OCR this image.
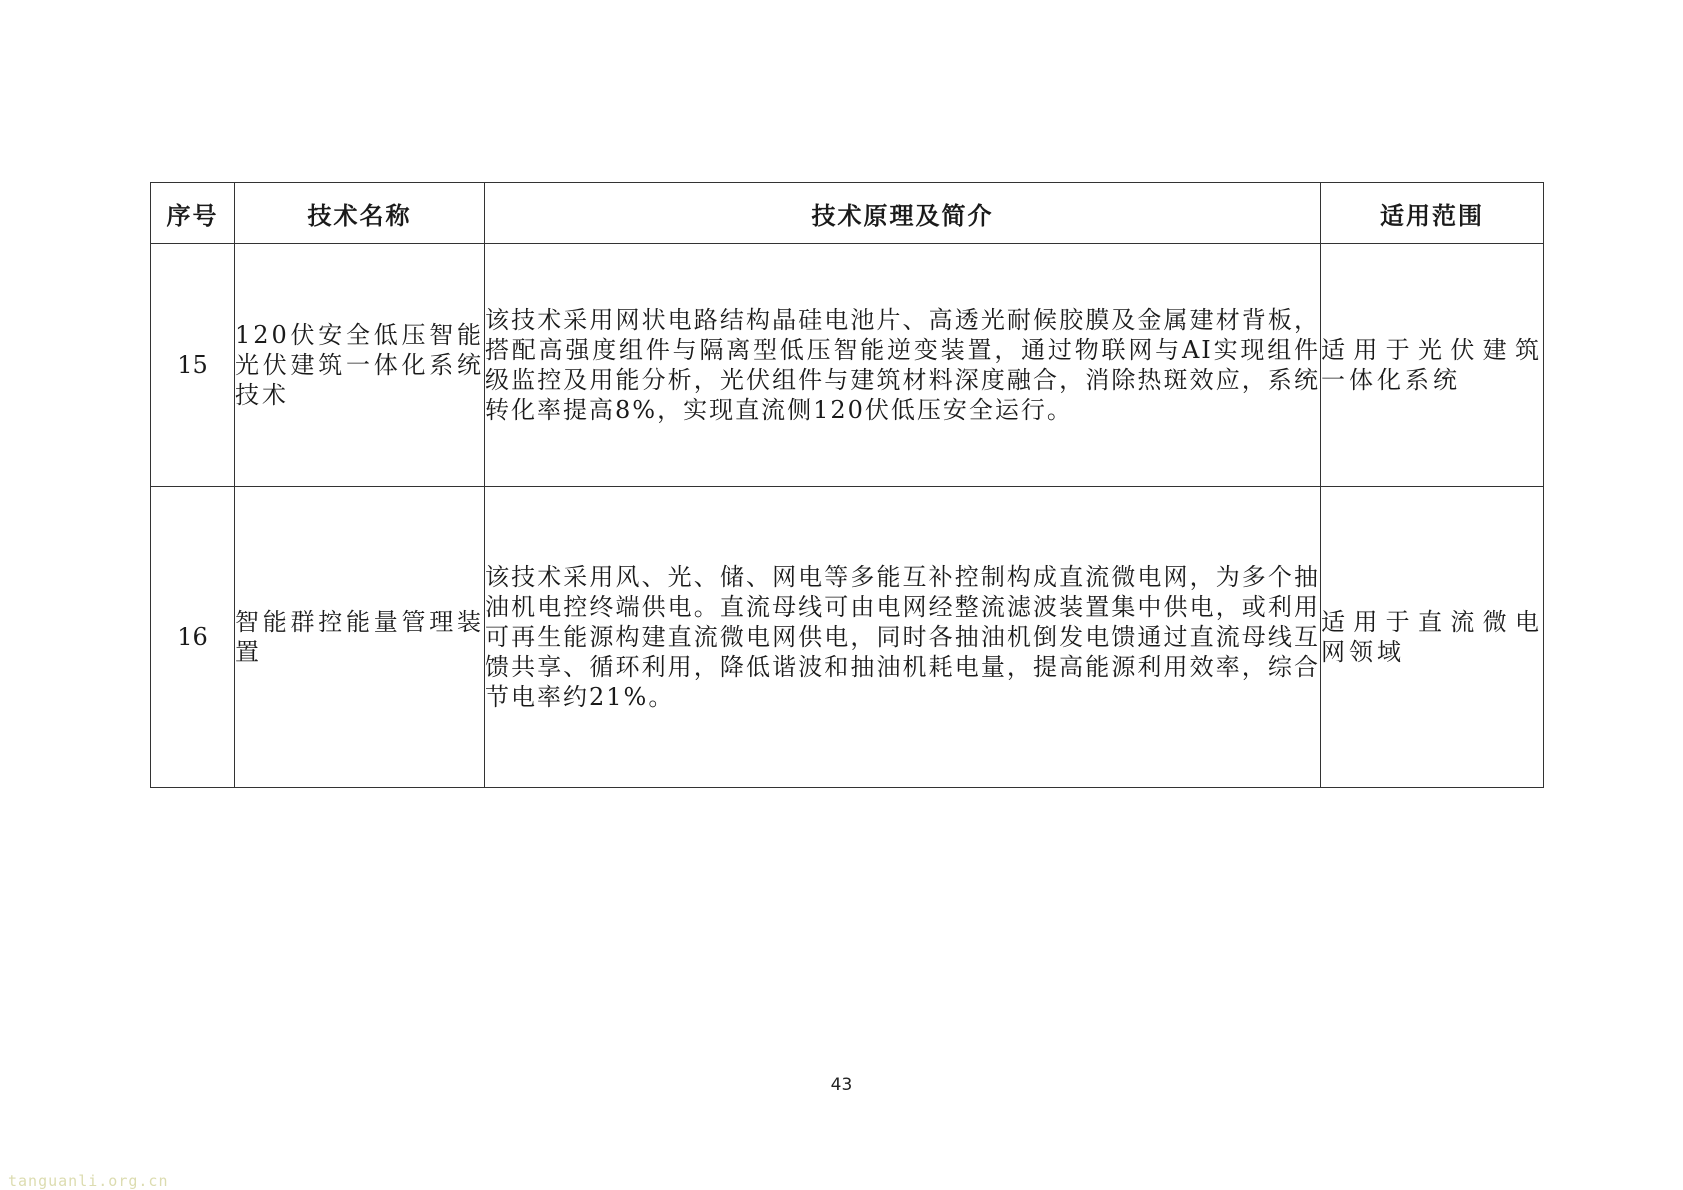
序号	技术名称	技术原理及简介	适用范围

15	120伏安全低压智能光伏建筑一体化系统技术	该技术采用网状电路结构晶硅电池片、高透光耐候胶膜及金属建材背板，搭配高强度组件与隔离型低压智能逆变装置，通过物联网与AI实现组件级监控及用能分析，光伏组件与建筑材料深度融合，消除热斑效应，系统转化率提高8%，实现直流侧120伏低压安全运行。	适用于光伏建筑一体化系统

16	智能群控能量管理装置	该技术采用风、光、储、网电等多能互补控制构成直流微电网，为多个抽油机电控终端供电。直流母线可由电网经整流滤波装置集中供电，或利用可再生能源构建直流微电网供电，同时各抽油机倒发电馈通过直流母线互馈共享、循环利用，降低谐波和抽油机耗电量，提高能源利用效率，综合节电率约21%。	适用于直流微电网领域
43
tanguanli.org.cn
